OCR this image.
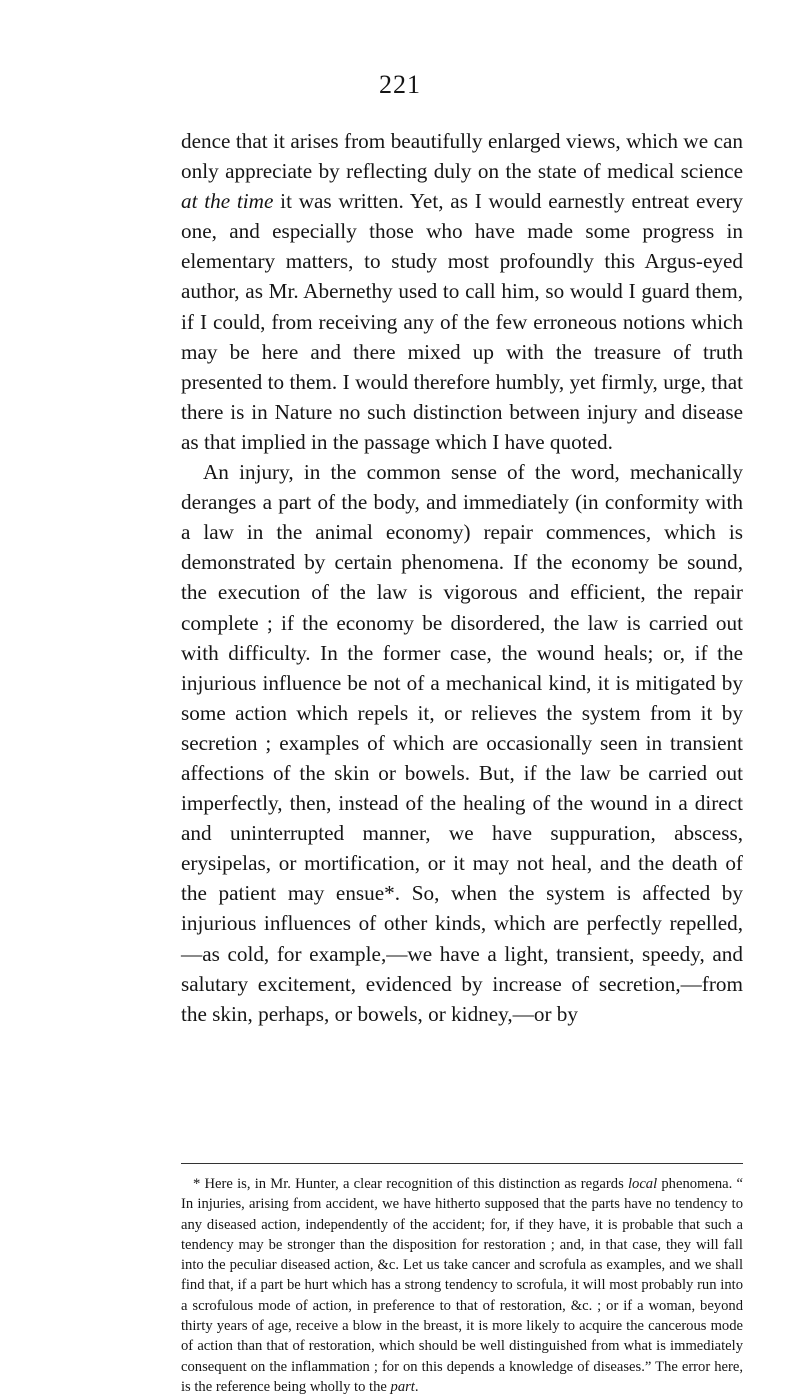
221

dence that it arises from beautifully enlarged views, which we can only appreciate by reflecting duly on the state of medical science at the time it was written. Yet, as I would earnestly entreat every one, and especially those who have made some progress in elementary matters, to study most profoundly this Argus-eyed author, as Mr. Abernethy used to call him, so would I guard them, if I could, from receiving any of the few erroneous notions which may be here and there mixed up with the treasure of truth presented to them. I would therefore humbly, yet firmly, urge, that there is in Nature no such distinction between injury and disease as that implied in the passage which I have quoted.

An injury, in the common sense of the word, mechanically deranges a part of the body, and immediately (in conformity with a law in the animal economy) repair commences, which is demonstrated by certain phenomena. If the economy be sound, the execution of the law is vigorous and efficient, the repair complete ; if the economy be disordered, the law is carried out with difficulty. In the former case, the wound heals; or, if the injurious influence be not of a mechanical kind, it is mitigated by some action which repels it, or relieves the system from it by secretion ; examples of which are occasionally seen in transient affections of the skin or bowels. But, if the law be carried out imperfectly, then, instead of the healing of the wound in a direct and uninterrupted manner, we have suppuration, abscess, erysipelas, or mortification, or it may not heal, and the death of the patient may ensue*. So, when the system is affected by injurious influences of other kinds, which are perfectly repelled,—as cold, for example,—we have a light, transient, speedy, and salutary excitement, evidenced by increase of secretion,—from the skin, perhaps, or bowels, or kidney,—or by

* Here is, in Mr. Hunter, a clear recognition of this distinction as regards local phenomena. “ In injuries, arising from accident, we have hitherto supposed that the parts have no tendency to any diseased action, independently of the accident; for, if they have, it is probable that such a tendency may be stronger than the disposition for restoration ; and, in that case, they will fall into the peculiar diseased action, &c. Let us take cancer and scrofula as examples, and we shall find that, if a part be hurt which has a strong tendency to scrofula, it will most probably run into a scrofulous mode of action, in preference to that of restoration, &c. ; or if a woman, beyond thirty years of age, receive a blow in the breast, it is more likely to acquire the cancerous mode of action than that of restoration, which should be well distinguished from what is immediately consequent on the inflammation ; for on this depends a knowledge of diseases.” The error here, is the reference being wholly to the part.
